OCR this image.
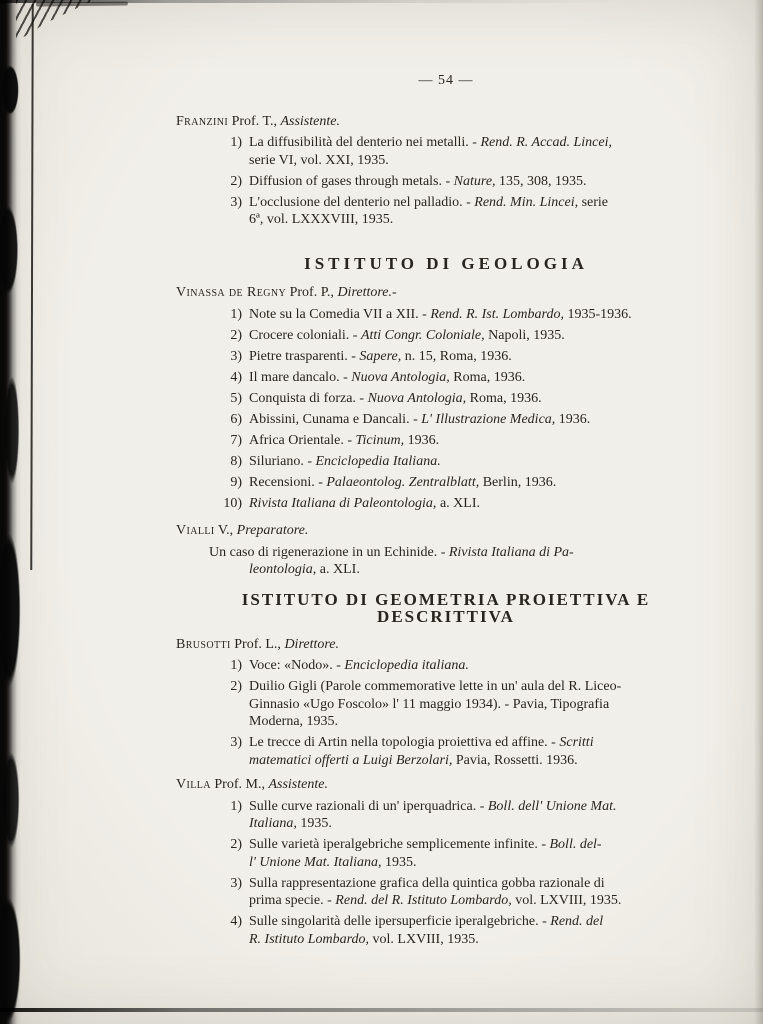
— 54 —

Franzini Prof. T., Assistente.

1) La diffusibilità del denterio nei metalli. - Rend. R. Accad. Lincei,
serie VI, vol. XXI, 1935.
2) Diffusion of gases through metals. - Nature, 135, 308, 1935.
3) L'occlusione del denterio nel palladio. - Rend. Min. Lincei, serie
6ª, vol. LXXXVIII, 1935.
ISTITUTO DI GEOLOGIA

Vinassa de Regny Prof. P., Direttore.-

1) Note su la Comedia VII a XII. - Rend. R. Ist. Lombardo, 1935-1936.
2) Crocere coloniali. - Atti Congr. Coloniale, Napoli, 1935.
3) Pietre trasparenti. - Sapere, n. 15, Roma, 1936.
4) Il mare dancalo. - Nuova Antologia, Roma, 1936.
5) Conquista di forza. - Nuova Antologia, Roma, 1936.
6) Abissini, Cunama e Dancali. - L' Illustrazione Medica, 1936.
7) Africa Orientale. - Ticinum, 1936.
8) Siluriano. - Enciclopedia Italiana.
9) Recensioni. - Palaeontolog. Zentralblatt, Berlin, 1936.
10) Rivista Italiana di Paleontologia, a. XLI.

Vialli V., Preparatore.

Un caso di rigenerazione in un Echinide. - Rivista Italiana di Pa-
leontologia, a. XLI.

ISTITUTO DI GEOMETRIA PROIETTIVA E DESCRITTIVA

Brusotti Prof. L., Direttore.

1) Voce: «Nodo». - Enciclopedia italiana.
2) Duilio Gigli (Parole commemorative lette in un' aula del R. Liceo-
Ginnasio «Ugo Foscolo» l' 11 maggio 1934). - Pavia, Tipografia
Moderna, 1935.
3) Le trecce di Artin nella topologia proiettiva ed affine. - Scritti
matematici offerti a Luigi Berzolari, Pavia, Rossetti. 1936.

Villa Prof. M., Assistente.

1) Sulle curve razionali di un' iperquadrica. - Boll. dell' Unione Mat.
Italiana, 1935.
2) Sulle varietà iperalgebriche semplicemente infinite. - Boll. del-
l' Unione Mat. Italiana, 1935.
3) Sulla rappresentazione grafica della quintica gobba razionale di
prima specie. - Rend. del R. Istituto Lombardo, vol. LXVIII, 1935.
4) Sulle singolarità delle ipersuperficie iperalgebriche. - Rend. del
R. Istituto Lombardo, vol. LXVIII, 1935.
